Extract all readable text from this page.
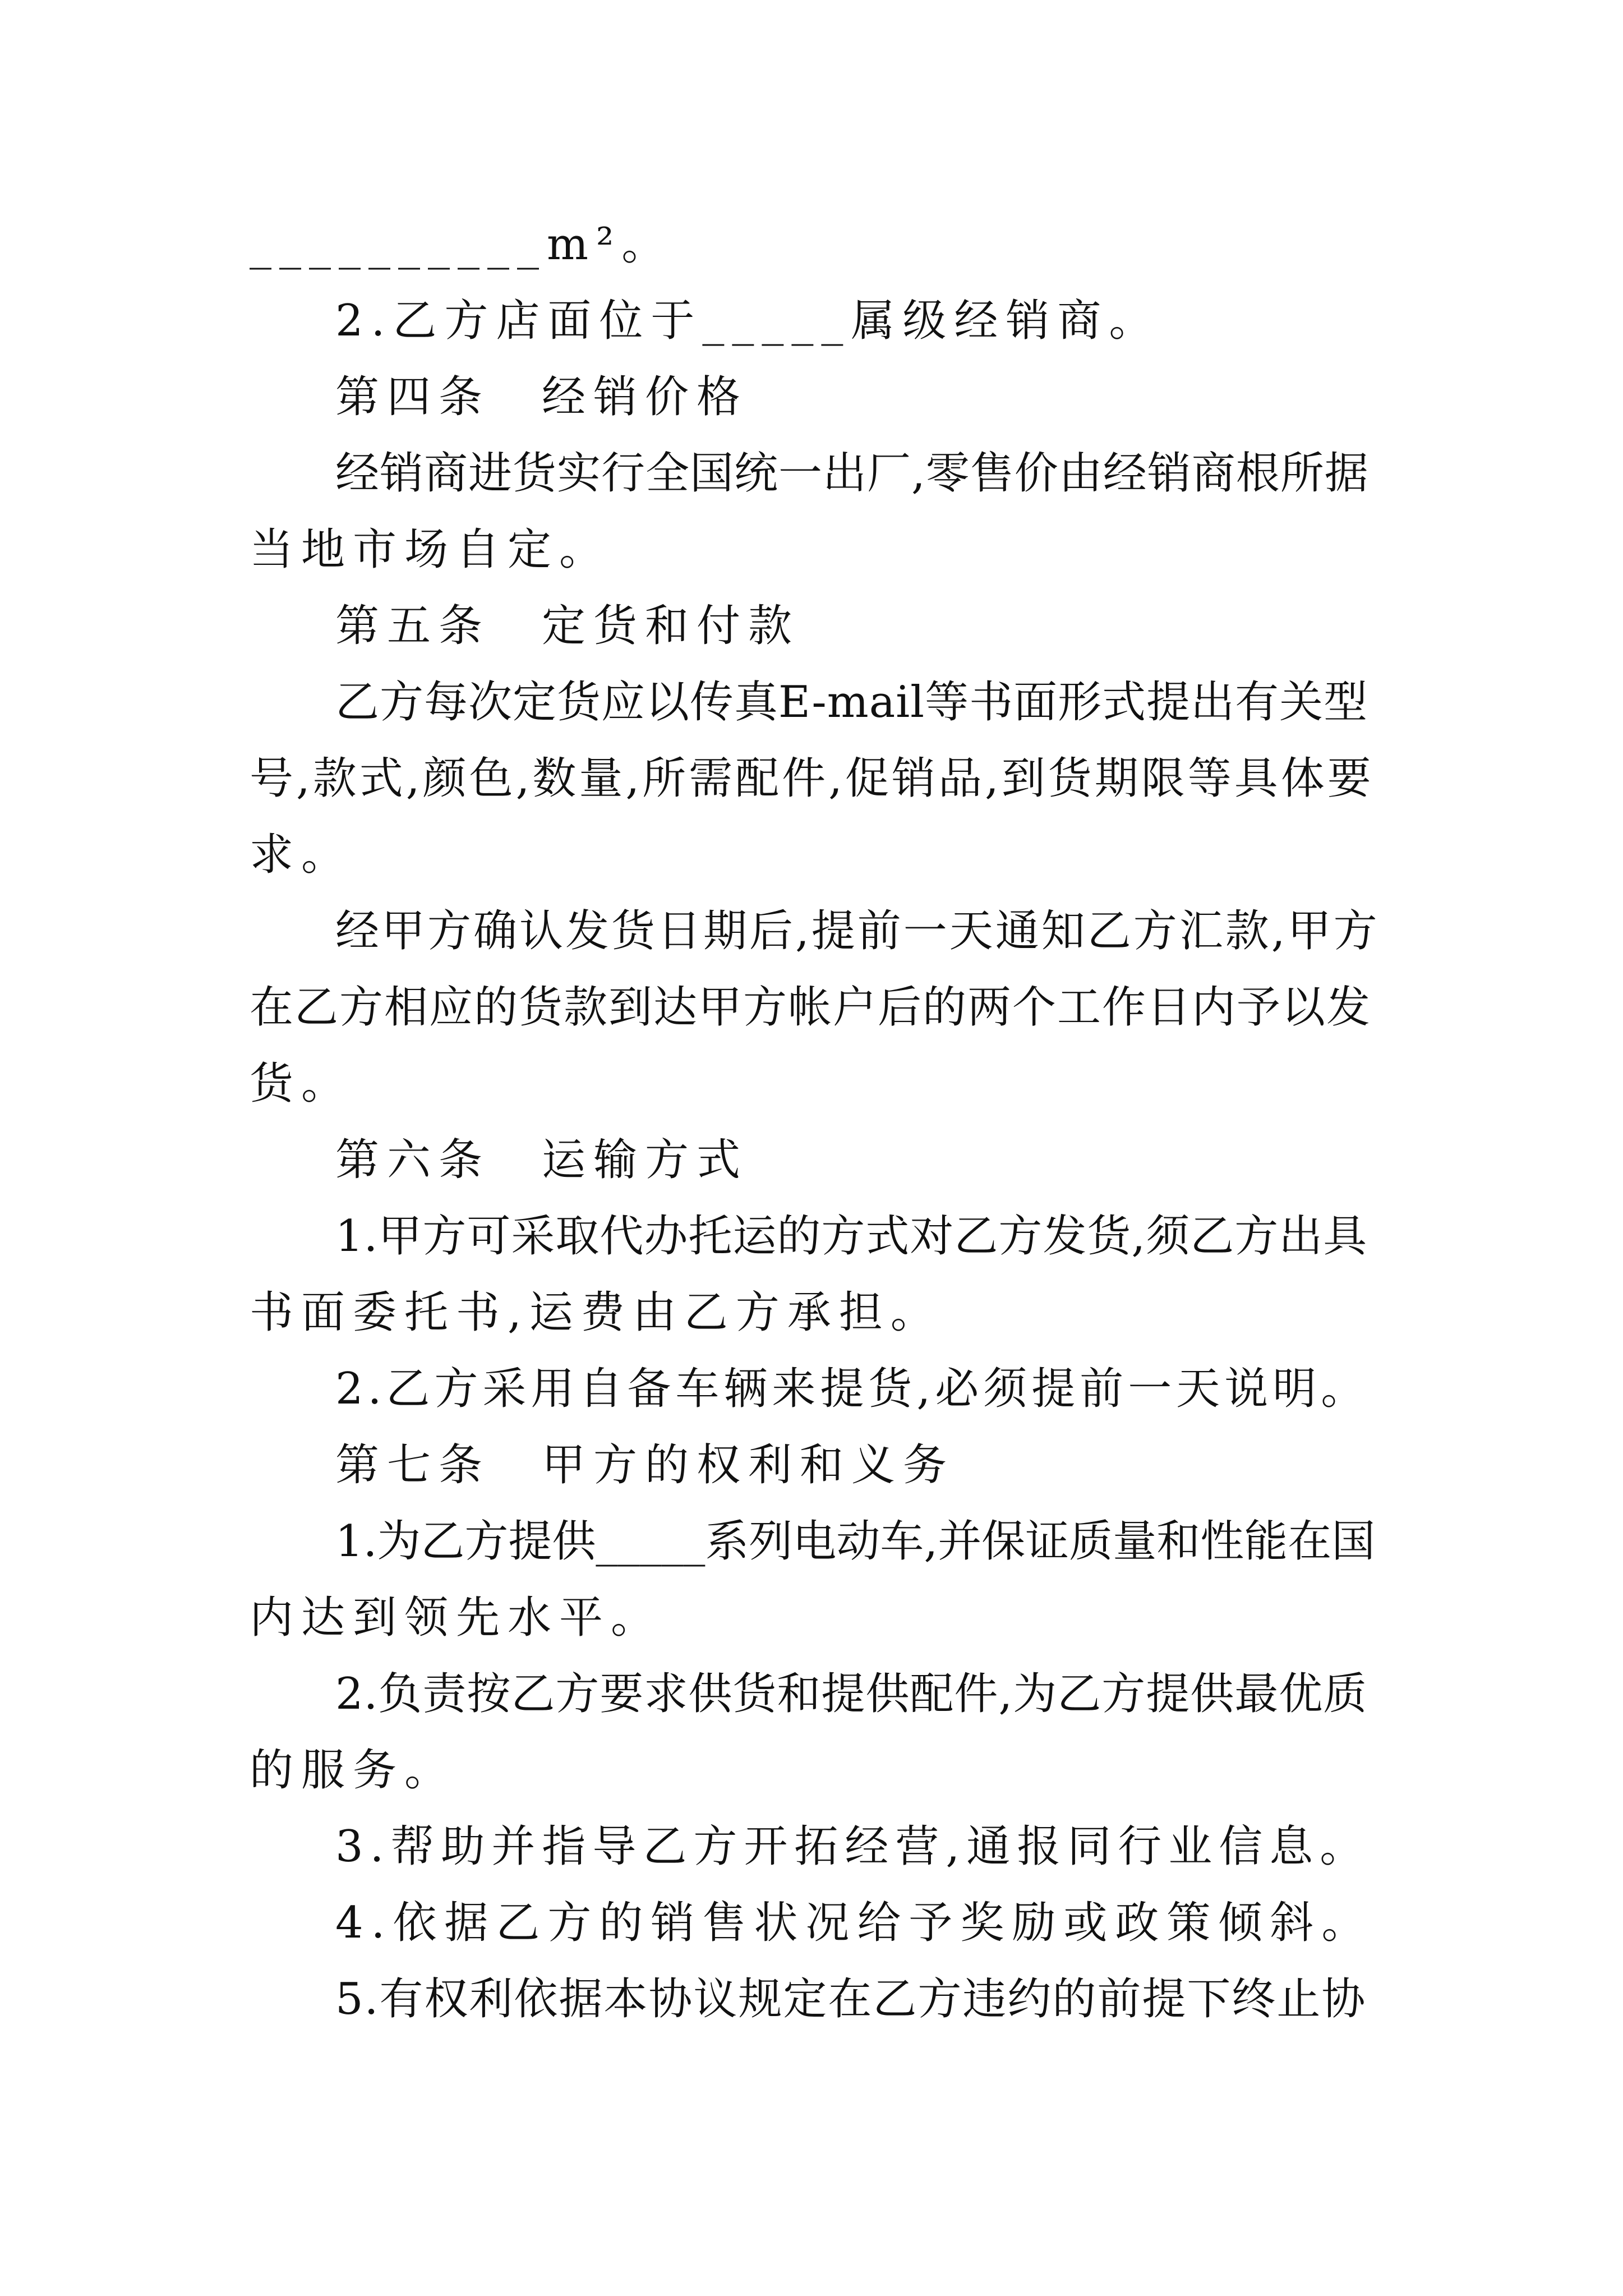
__________m²。
2.乙方店面位于_____属级经销商。
第四条　经销价格
经销商进货实行全国统一出厂,零售价由经销商根所据
当地市场自定。
第五条　定货和付款
乙方每次定货应以传真E-mail等书面形式提出有关型
号,款式,颜色,数量,所需配件,促销品,到货期限等具体要
求。
经甲方确认发货日期后,提前一天通知乙方汇款,甲方
在乙方相应的货款到达甲方帐户后的两个工作日内予以发
货。
第六条　运输方式
1.甲方可采取代办托运的方式对乙方发货,须乙方出具
书面委托书,运费由乙方承担。
2.乙方采用自备车辆来提货,必须提前一天说明。
第七条　甲方的权利和义务
1.为乙方提供_____系列电动车,并保证质量和性能在国
内达到领先水平。
2.负责按乙方要求供货和提供配件,为乙方提供最优质
的服务。
3.帮助并指导乙方开拓经营,通报同行业信息。
4.依据乙方的销售状况给予奖励或政策倾斜。
5.有权利依据本协议规定在乙方违约的前提下终止协
